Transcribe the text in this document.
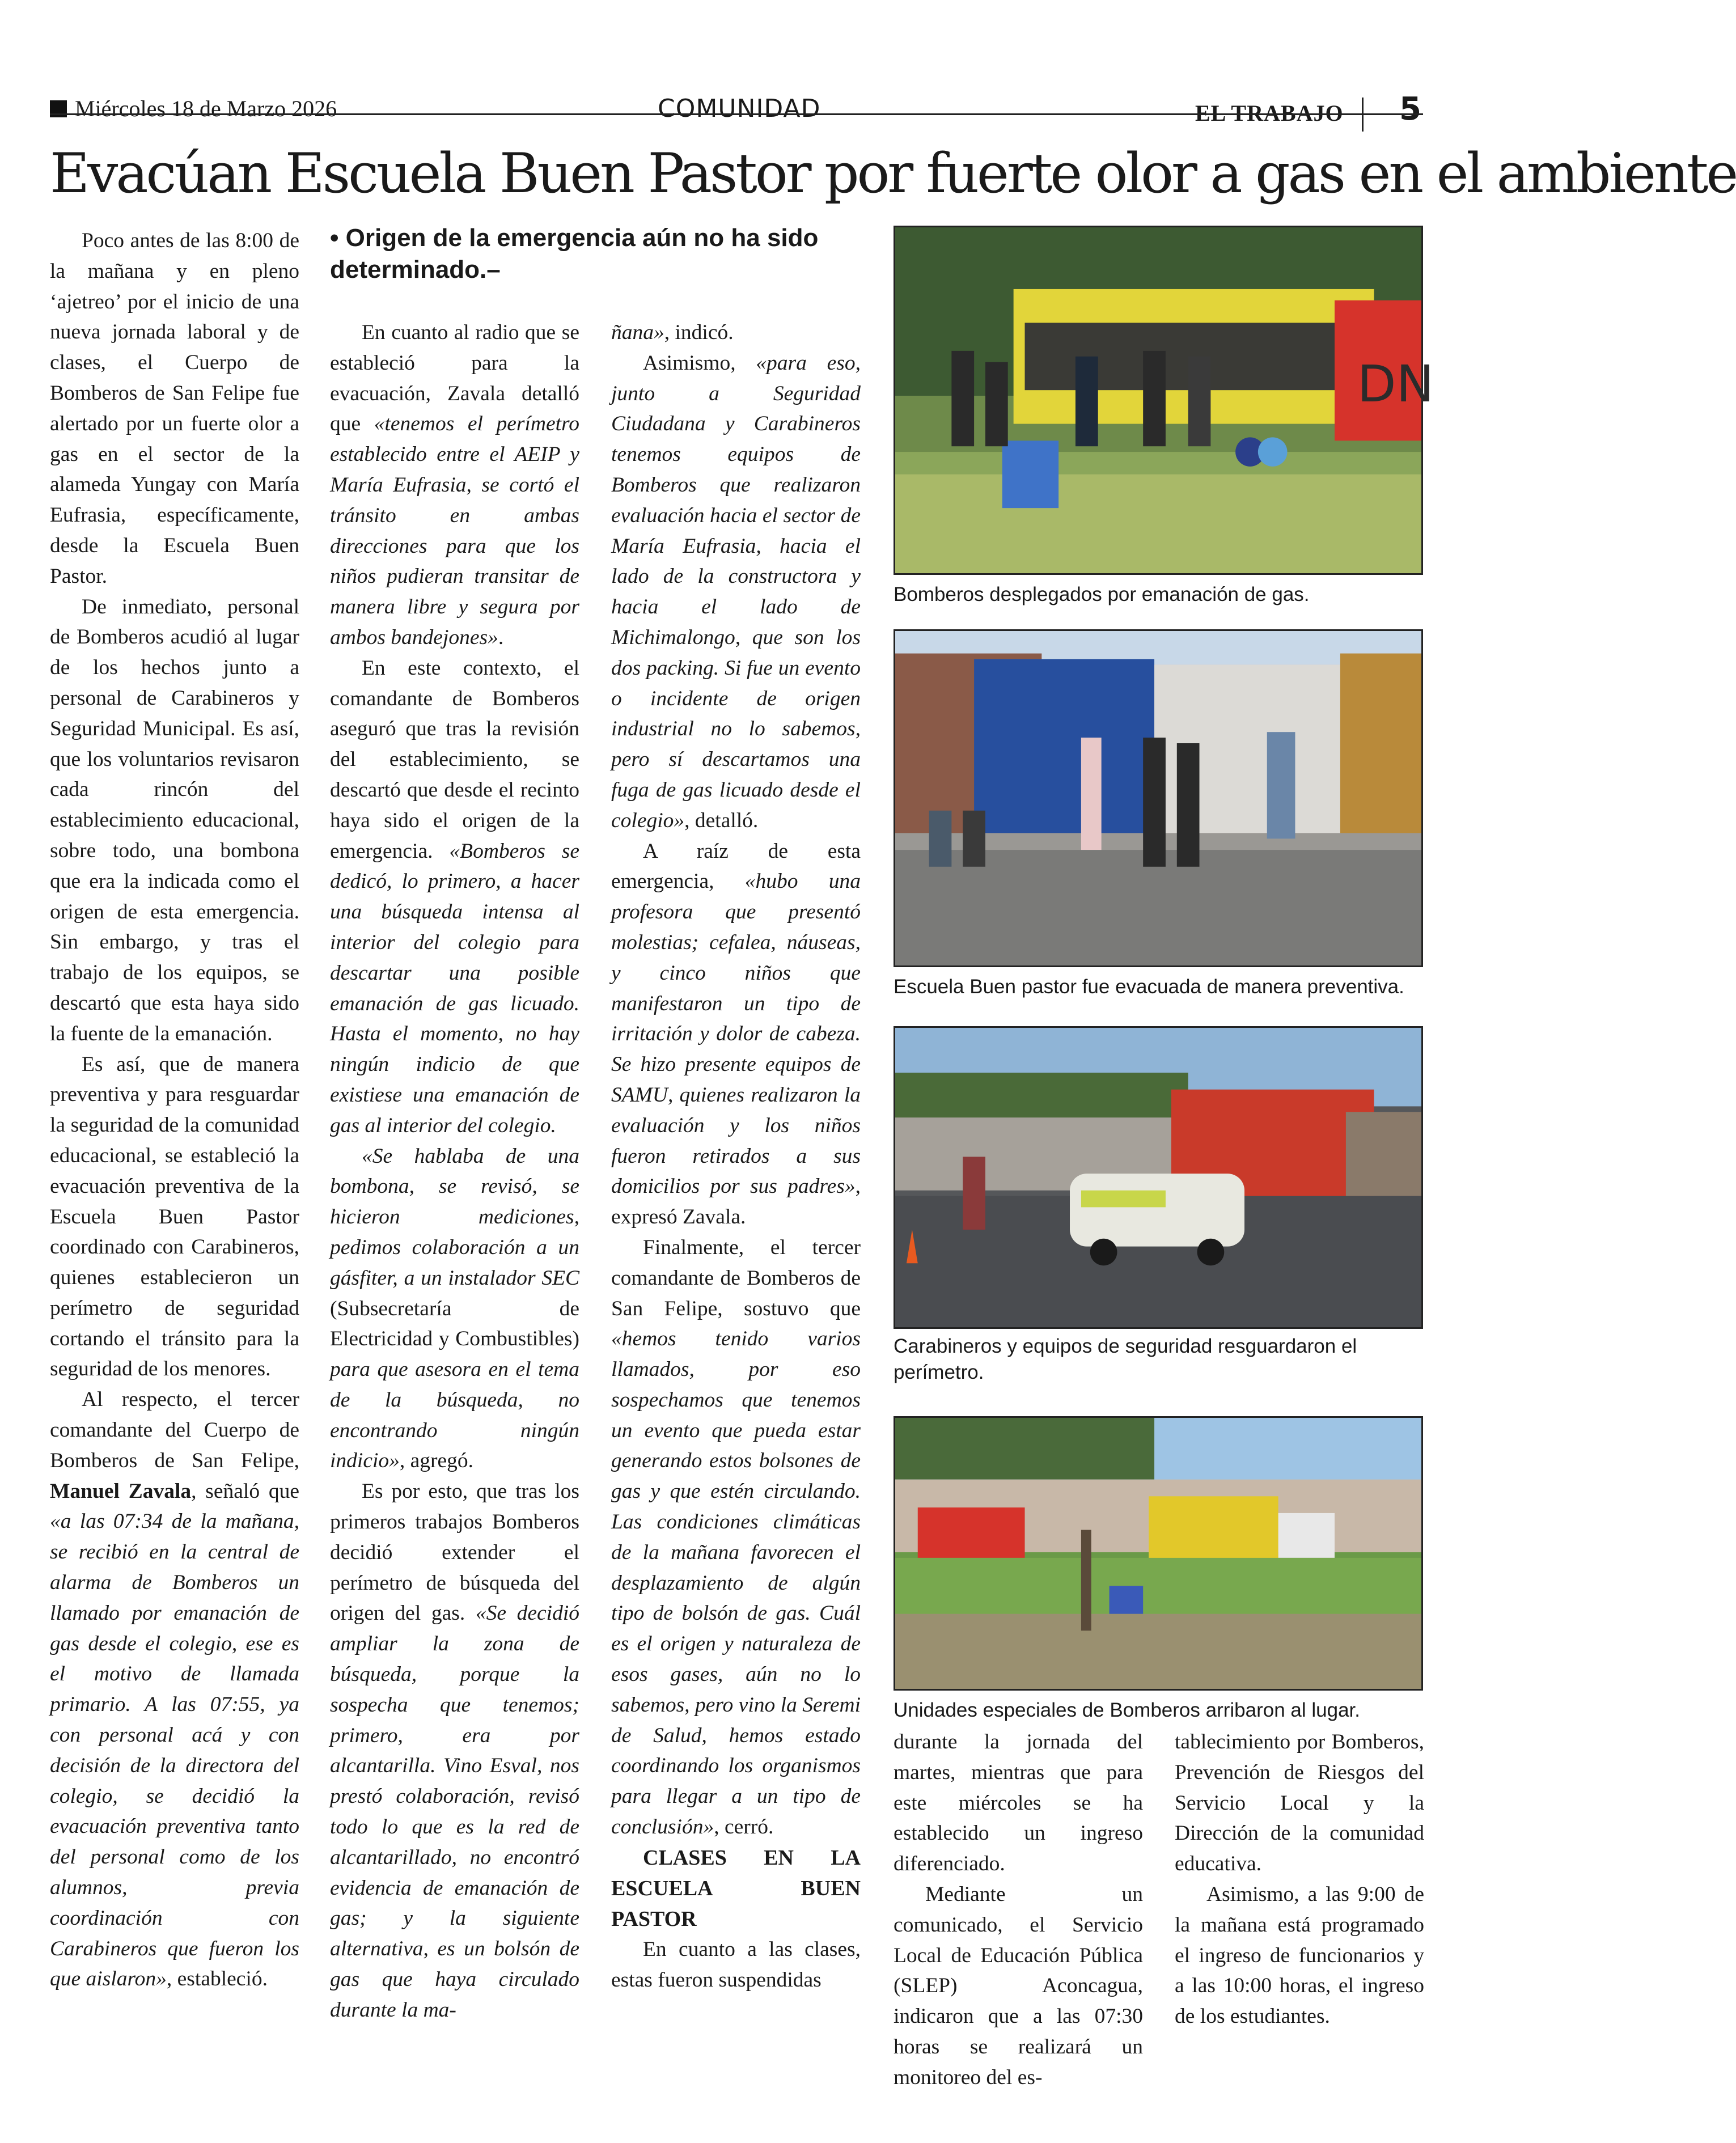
Miércoles 18 de Marzo 2026	COMUNIDAD	EL TRABAJO 5
Evacúan Escuela Buen Pastor por fuerte olor a gas en el ambiente

Poco antes de las 8:00 de la mañana y en pleno ‘ajetreo’ por el inicio de una nueva jornada laboral y de clases, el Cuerpo de Bomberos de San Felipe fue alertado por un fuerte olor a gas en el sector de la alameda Yungay con María Eufrasia, específicamente, desde la Escuela Buen Pastor.

De inmediato, personal de Bomberos acudió al lugar de los hechos junto a personal de Carabineros y Seguridad Municipal. Es así, que los voluntarios revisaron cada rincón del establecimiento educacional, sobre todo, una bombona que era la indicada como el origen de esta emergencia. Sin embargo, y tras el trabajo de los equipos, se descartó que esta haya sido la fuente de la emanación.

Es así, que de manera preventiva y para resguardar la seguridad de la comunidad educacional, se estableció la evacuación preventiva de la Escuela Buen Pastor coordinado con Carabineros, quienes establecieron un perímetro de seguridad cortando el tránsito para la seguridad de los menores.

Al respecto, el tercer comandante del Cuerpo de Bomberos de San Felipe, Manuel Zavala, señaló que «a las 07:34 de la mañana, se recibió en la central de alarma de Bomberos un llamado por emanación de gas desde el colegio, ese es el motivo de llamada primario. A las 07:55, ya con personal acá y con decisión de la directora del colegio, se decidió la evacuación preventiva tanto del personal como de los alumnos, previa coordinación con Carabineros que fueron los que aislaron», estableció.

• Origen de la emergencia aún no ha sido determinado.–

En cuanto al radio que se estableció para la evacuación, Zavala detalló que «tenemos el perímetro establecido entre el AEIP y María Eufrasia, se cortó el tránsito en ambas direcciones para que los niños pudieran transitar de manera libre y segura por ambos bandejones».

En este contexto, el comandante de Bomberos aseguró que tras la revisión del establecimiento, se descartó que desde el recinto haya sido el origen de la emergencia. «Bomberos se dedicó, lo primero, a hacer una búsqueda intensa al interior del colegio para descartar una posible emanación de gas licuado. Hasta el momento, no hay ningún indicio de que existiese una emanación de gas al interior del colegio.

«Se hablaba de una bombona, se revisó, se hicieron mediciones, pedimos colaboración a un gásfiter, a un instalador SEC (Subsecretaría de Electricidad y Combustibles) para que asesora en el tema de la búsqueda, no encontrando ningún indicio», agregó.

Es por esto, que tras los primeros trabajos Bomberos decidió extender el perímetro de búsqueda del origen del gas. «Se decidió ampliar la zona de búsqueda, porque la sospecha que tenemos; primero, era por alcantarilla. Vino Esval, nos prestó colaboración, revisó todo lo que es la red de alcantarillado, no encontró evidencia de emanación de gas; y la siguiente alternativa, es un bolsón de gas que haya circulado durante la ma-

ñana», indicó.

Asimismo, «para eso, junto a Seguridad Ciudadana y Carabineros tenemos equipos de Bomberos que realizaron evaluación hacia el sector de María Eufrasia, hacia el lado de la constructora y hacia el lado de Michimalongo, que son los dos packing. Si fue un evento o incidente de origen industrial no lo sabemos, pero sí descartamos una fuga de gas licuado desde el colegio», detalló.

A raíz de esta emergencia, «hubo una profesora que presentó molestias; cefalea, náuseas, y cinco niños que manifestaron un tipo de irritación y dolor de cabeza. Se hizo presente equipos de SAMU, quienes realizaron la evaluación y los niños fueron retirados a sus domicilios por sus padres», expresó Zavala.

Finalmente, el tercer comandante de Bomberos de San Felipe, sostuvo que «hemos tenido varios llamados, por eso sospechamos que tenemos un evento que pueda estar generando estos bolsones de gas y que estén circulando. Las condiciones climáticas de la mañana favorecen el desplazamiento de algún tipo de bolsón de gas. Cuál es el origen y naturaleza de esos gases, aún no lo sabemos, pero vino la Seremi de Salud, hemos estado coordinando los organismos para llegar a un tipo de conclusión», cerró.

CLASES EN LA ESCUELA BUEN PASTOR

En cuanto a las clases, estas fueron suspendidas

durante la jornada del martes, mientras que para este miércoles se ha establecido un ingreso diferenciado.

Mediante un comunicado, el Servicio Local de Educación Pública (SLEP) Aconcagua, indicaron que a las 07:30 horas se realizará un monitoreo del es-

tablecimiento por Bomberos, Prevención de Riesgos del Servicio Local y la Dirección de la comunidad educativa.

Asimismo, a las 9:00 de la mañana está programado el ingreso de funcionarios y a las 10:00 horas, el ingreso de los estudiantes.

DN
Bomberos desplegados por emanación de gas.
Escuela Buen pastor fue evacuada de manera preventiva.
Carabineros y equipos de seguridad resguardaron el perímetro.
Unidades especiales de Bomberos arribaron al lugar.
